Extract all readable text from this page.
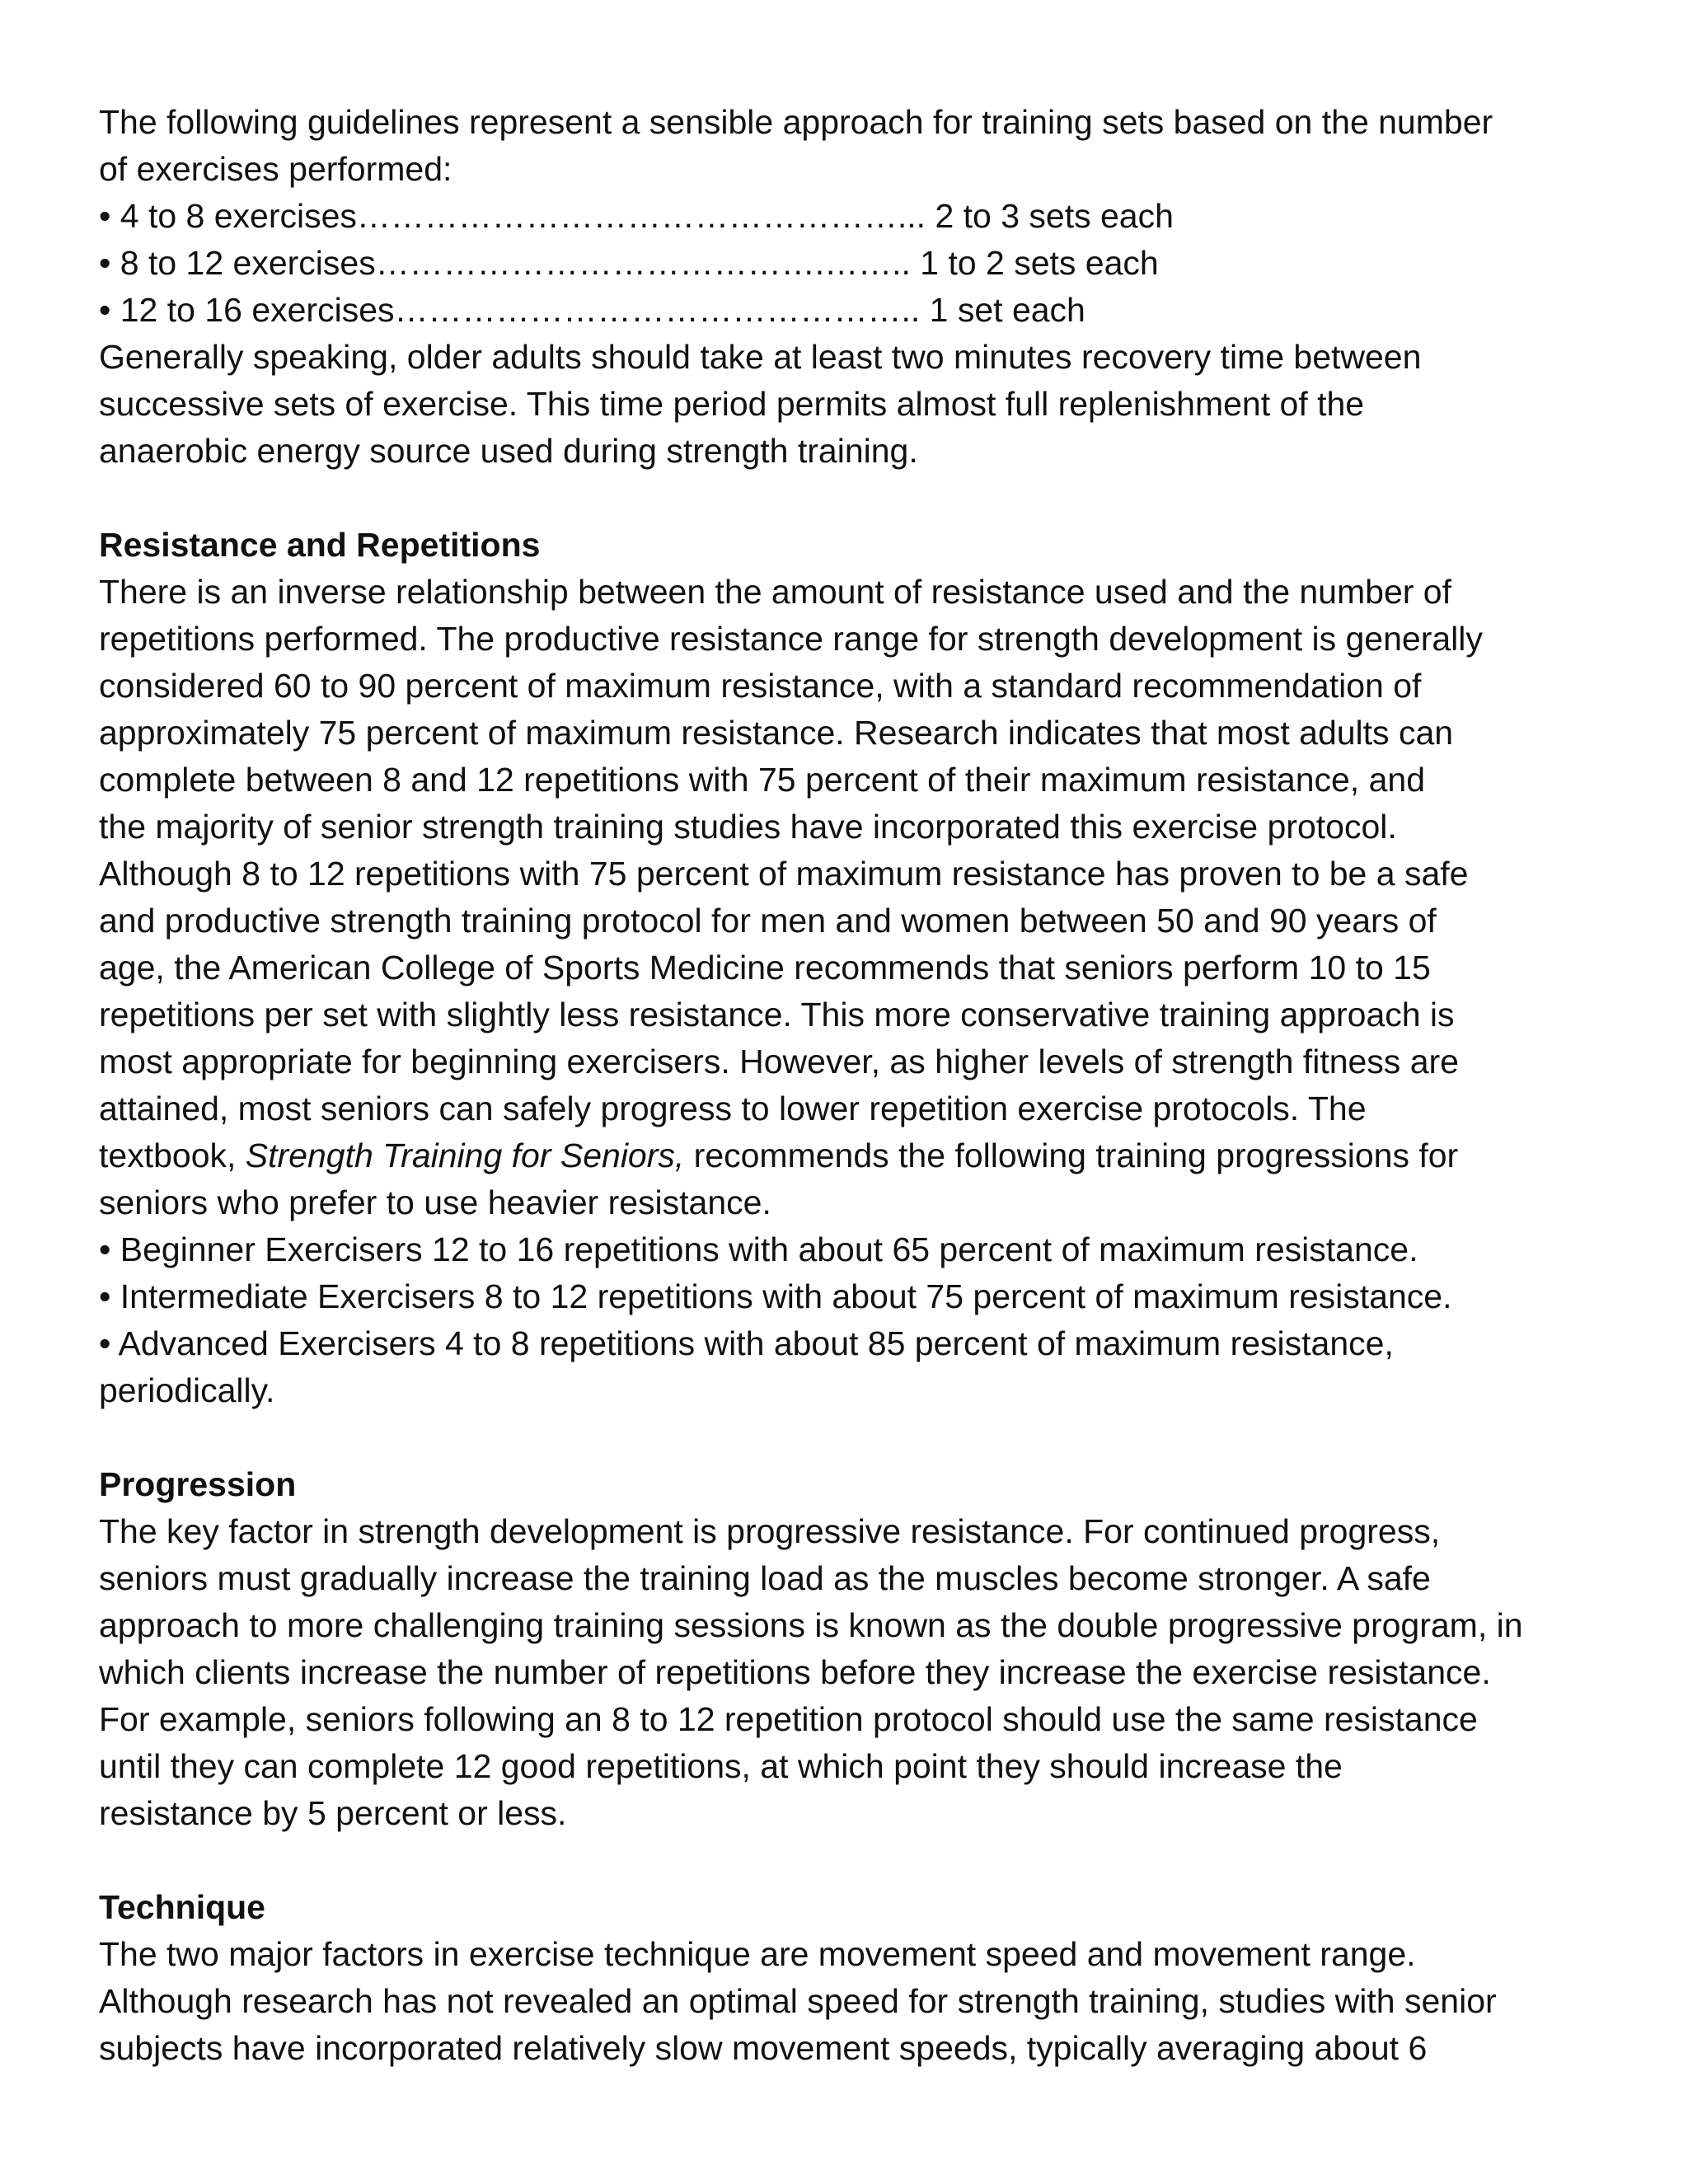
The following guidelines represent a sensible approach for training sets based on the number
of exercises performed:
• 4 to 8 exercises…………………………………………... 2 to 3 sets each
• 8 to 12 exercises………………………………….…….. 1 to 2 sets each
• 12 to 16 exercises……………………………………….. 1 set each
Generally speaking, older adults should take at least two minutes recovery time between
successive sets of exercise. This time period permits almost full replenishment of the
anaerobic energy source used during strength training.
Resistance and Repetitions
There is an inverse relationship between the amount of resistance used and the number of
repetitions performed. The productive resistance range for strength development is generally
considered 60 to 90 percent of maximum resistance, with a standard recommendation of
approximately 75 percent of maximum resistance. Research indicates that most adults can
complete between 8 and 12 repetitions with 75 percent of their maximum resistance, and
the majority of senior strength training studies have incorporated this exercise protocol.
Although 8 to 12 repetitions with 75 percent of maximum resistance has proven to be a safe
and productive strength training protocol for men and women between 50 and 90 years of
age, the American College of Sports Medicine recommends that seniors perform 10 to 15
repetitions per set with slightly less resistance. This more conservative training approach is
most appropriate for beginning exercisers. However, as higher levels of strength fitness are
attained, most seniors can safely progress to lower repetition exercise protocols. The
textbook, Strength Training for Seniors, recommends the following training progressions for
seniors who prefer to use heavier resistance.
• Beginner Exercisers 12 to 16 repetitions with about 65 percent of maximum resistance.
• Intermediate Exercisers 8 to 12 repetitions with about 75 percent of maximum resistance.
• Advanced Exercisers 4 to 8 repetitions with about 85 percent of maximum resistance,
periodically.
Progression
The key factor in strength development is progressive resistance. For continued progress,
seniors must gradually increase the training load as the muscles become stronger. A safe
approach to more challenging training sessions is known as the double progressive program, in
which clients increase the number of repetitions before they increase the exercise resistance.
For example, seniors following an 8 to 12 repetition protocol should use the same resistance
until they can complete 12 good repetitions, at which point they should increase the
resistance by 5 percent or less.
Technique
The two major factors in exercise technique are movement speed and movement range.
Although research has not revealed an optimal speed for strength training, studies with senior
subjects have incorporated relatively slow movement speeds, typically averaging about 6
